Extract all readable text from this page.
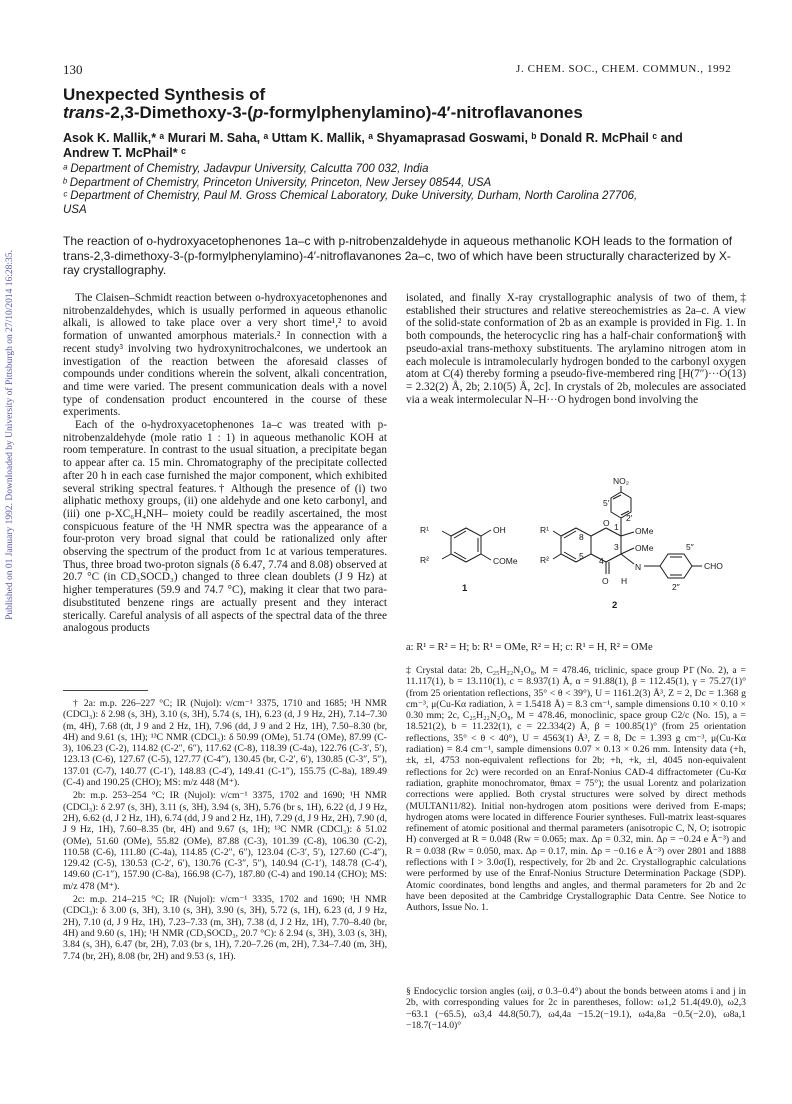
130	J. CHEM. SOC., CHEM. COMMUN., 1992
Unexpected Synthesis of
trans-2,3-Dimethoxy-3-(p-formylphenylamino)-4′-nitroflavanones
Asok K. Mallik,* ᵃ Murari M. Saha, ᵃ Uttam K. Mallik, ᵃ Shyamaprasad Goswami, ᵇ Donald R. McPhail ᶜ and
Andrew T. McPhail* ᶜ
ᵃ Department of Chemistry, Jadavpur University, Calcutta 700 032, India
ᵇ Department of Chemistry, Princeton University, Princeton, New Jersey 08544, USA
ᶜ Department of Chemistry, Paul M. Gross Chemical Laboratory, Duke University, Durham, North Carolina 27706,
USA
The reaction of o-hydroxyacetophenones 1a–c with p-nitrobenzaldehyde in aqueous methanolic KOH leads to the formation of trans-2,3-dimethoxy-3-(p-formylphenylamino)-4′-nitroflavanones 2a–c, two of which have been structurally characterized by X-ray crystallography.
Published on 01 January 1992. Downloaded by University of Pittsburgh on 27/10/2014 16:28:35.	The Claisen–Schmidt reaction between o-hydroxyacetophenones and nitrobenzaldehydes, which is usually performed in aqueous ethanolic alkali, is allowed to take place over a very short time¹,² to avoid formation of unwanted amorphous materials.² In connection with a recent study³ involving two hydroxynitrochalcones, we undertook an investigation of the reaction between the aforesaid classes of compounds under conditions wherein the solvent, alkali concentration, and time were varied. The present communication deals with a novel type of condensation product encountered in the course of these experiments.

Each of the o-hydroxyacetophenones 1a–c was treated with p-nitrobenzaldehyde (mole ratio 1 : 1) in aqueous methanolic KOH at room temperature. In contrast to the usual situation, a precipitate began to appear after ca. 15 min. Chromatography of the precipitate collected after 20 h in each case furnished the major component, which exhibited several striking spectral features.† Although the presence of (i) two aliphatic methoxy groups, (ii) one aldehyde and one keto carbonyl, and (iii) one p-XC₆H₄NH– moiety could be readily ascertained, the most conspicuous feature of the ¹H NMR spectra was the appearance of a four-proton very broad signal that could be rationalized only after observing the spectrum of the product from 1c at various temperatures. Thus, three broad two-proton signals (δ 6.47, 7.74 and 8.08) observed at 20.7 °C (in CD₃SOCD₃) changed to three clean doublets (J 9 Hz) at higher temperatures (59.9 and 74.7 °C), making it clear that two para-disubstituted benzene rings are actually present and they interact sterically. Careful analysis of all aspects of the spectral data of the three analogous products

isolated, and finally X-ray crystallographic analysis of two of them,‡ established their structures and relative stereochemistries as 2a–c. A view of the solid-state conformation of 2b as an example is provided in Fig. 1. In both compounds, the heterocyclic ring has a half-chair conformation§ with pseudo-axial trans-methoxy substituents. The arylamino nitrogen atom in each molecule is intramolecularly hydrogen bonded to the carbonyl oxygen atom at C(4) thereby forming a pseudo-five-membered ring [H(7″)···O(13) = 2.32(2) Å, 2b; 2.10(5) Å, 2c]. In crystals of 2b, molecules are associated via a weak intermolecular N–H···O hydrogen bond involving the

OH
COMe
R¹
R²
1
O
O
NO₂
OMe
OMe
N
H
CHO
R¹
R²
8
5
1
3
4
2′
5′
5″
2″
2
a: R¹ = R² = H; b: R¹ = OMe, R² = H; c: R¹ = H, R² = OMe

† 2a: m.p. 226–227 °C; IR (Nujol): ν/cm⁻¹ 3375, 1710 and 1685; ¹H NMR (CDCl₃): δ 2.98 (s, 3H), 3.10 (s, 3H), 5.74 (s, 1H), 6.23 (d, J 9 Hz, 2H), 7.14–7.30 (m, 4H), 7.68 (dt, J 9 and 2 Hz, 1H), 7.96 (dd, J 9 and 2 Hz, 1H), 7.50–8.30 (br, 4H) and 9.61 (s, 1H); ¹³C NMR (CDCl₃): δ 50.99 (OMe), 51.74 (OMe), 87.99 (C-3), 106.23 (C-2), 114.82 (C-2″, 6″), 117.62 (C-8), 118.39 (C-4a), 122.76 (C-3′, 5′), 123.13 (C-6), 127.67 (C-5), 127.77 (C-4″), 130.45 (br, C-2′, 6′), 130.85 (C-3″, 5″), 137.01 (C-7), 140.77 (C-1′), 148.83 (C-4′), 149.41 (C-1″), 155.75 (C-8a), 189.49 (C-4) and 190.25 (CHO); MS: m/z 448 (M⁺).

2b: m.p. 253–254 °C; IR (Nujol): ν/cm⁻¹ 3375, 1702 and 1690; ¹H NMR (CDCl₃): δ 2.97 (s, 3H), 3.11 (s, 3H), 3.94 (s, 3H), 5.76 (br s, 1H), 6.22 (d, J 9 Hz, 2H), 6.62 (d, J 2 Hz, 1H), 6.74 (dd, J 9 and 2 Hz, 1H), 7.29 (d, J 9 Hz, 2H), 7.90 (d, J 9 Hz, 1H), 7.60–8.35 (br, 4H) and 9.67 (s, 1H); ¹³C NMR (CDCl₃): δ 51.02 (OMe), 51.60 (OMe), 55.82 (OMe), 87.88 (C-3), 101.39 (C-8), 106.30 (C-2), 110.58 (C-6), 111.80 (C-4a), 114.85 (C-2″, 6″), 123.04 (C-3′, 5′), 127.60 (C-4″), 129.42 (C-5), 130.53 (C-2′, 6′), 130.76 (C-3″, 5″), 140.94 (C-1′), 148.78 (C-4′), 149.60 (C-1″), 157.90 (C-8a), 166.98 (C-7), 187.80 (C-4) and 190.14 (CHO); MS: m/z 478 (M⁺).

2c: m.p. 214–215 °C; IR (Nujol): ν/cm⁻¹ 3335, 1702 and 1690; ¹H NMR (CDCl₃): δ 3.00 (s, 3H), 3.10 (s, 3H), 3.90 (s, 3H), 5.72 (s, 1H), 6.23 (d, J 9 Hz, 2H), 7.10 (d, J 9 Hz, 1H), 7.23–7.33 (m, 3H), 7.38 (d, J 2 Hz, 1H), 7.70–8.40 (br, 4H) and 9.60 (s, 1H); ¹H NMR (CD₃SOCD₃, 20.7 °C): δ 2.94 (s, 3H), 3.03 (s, 3H), 3.84 (s, 3H), 6.47 (br, 2H), 7.03 (br s, 1H), 7.20–7.26 (m, 2H), 7.34–7.40 (m, 3H), 7.74 (br, 2H), 8.08 (br, 2H) and 9.53 (s, 1H).

‡ Crystal data: 2b, C₂₅H₂₂N₂O₈, M = 478.46, triclinic, space group P1̄ (No. 2), a = 11.117(1), b = 13.110(1), c = 8.937(1) Å, α = 91.88(1), β = 112.45(1), γ = 75.27(1)° (from 25 orientation reflections, 35° < θ < 39°), U = 1161.2(3) Å³, Z = 2, Dc = 1.368 g cm⁻³, μ(Cu-Kα radiation, λ = 1.5418 Å) = 8.3 cm⁻¹, sample dimensions 0.10 × 0.10 × 0.30 mm; 2c, C₂₅H₂₂N₂O₈, M = 478.46, monoclinic, space group C2/c (No. 15), a = 18.521(2), b = 11.232(1), c = 22.334(2) Å, β = 100.85(1)° (from 25 orientation reflections, 35° < θ < 40°), U = 4563(1) Å³, Z = 8, Dc = 1.393 g cm⁻³, μ(Cu-Kα radiation) = 8.4 cm⁻¹, sample dimensions 0.07 × 0.13 × 0.26 mm. Intensity data (+h, ±k, ±l, 4753 non-equivalent reflections for 2b; +h, +k, ±l, 4045 non-equivalent reflections for 2c) were recorded on an Enraf-Nonius CAD-4 diffractometer (Cu-Kα radiation, graphite monochromator, θmax = 75°); the usual Lorentz and polarization corrections were applied. Both crystal structures were solved by direct methods (MULTAN11/82). Initial non-hydrogen atom positions were derived from E-maps; hydrogen atoms were located in difference Fourier syntheses. Full-matrix least-squares refinement of atomic positional and thermal parameters (anisotropic C, N, O; isotropic H) converged at R = 0.048 (Rw = 0.065; max. Δρ = 0.32, min. Δρ = −0.24 e Å⁻³) and R = 0.038 (Rw = 0.050, max. Δρ = 0.17, min. Δρ = −0.16 e Å⁻³) over 2801 and 1888 reflections with I > 3.0σ(I), respectively, for 2b and 2c. Crystallographic calculations were performed by use of the Enraf-Nonius Structure Determination Package (SDP). Atomic coordinates, bond lengths and angles, and thermal parameters for 2b and 2c have been deposited at the Cambridge Crystallographic Data Centre. See Notice to Authors, Issue No. 1.
§ Endocyclic torsion angles (ωij, σ 0.3–0.4°) about the bonds between atoms i and j in 2b, with corresponding values for 2c in parentheses, follow: ω1,2 51.4(49.0), ω2,3 −63.1 (−65.5), ω3,4 44.8(50.7), ω4,4a −15.2(−19.1), ω4a,8a −0.5(−2.0), ω8a,1 −18.7(−14.0)°
